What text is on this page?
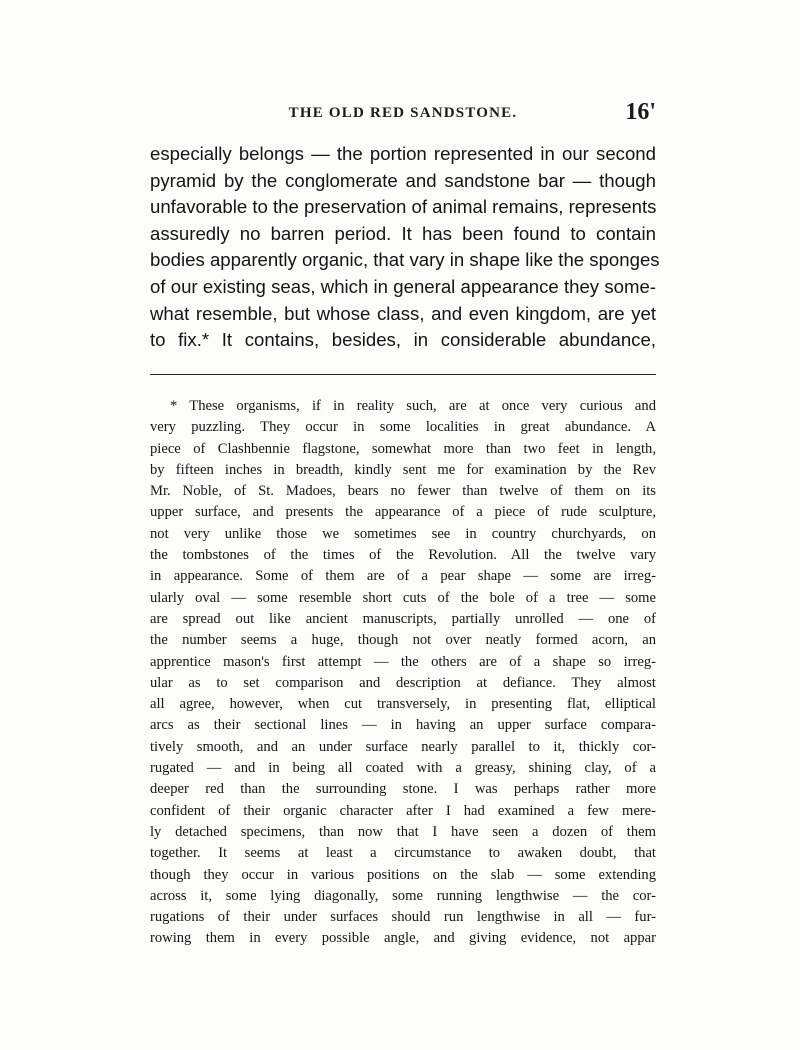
THE OLD RED SANDSTONE.	16'
especially belongs — the portion represented in our second
pyramid by the conglomerate and sandstone bar — though
unfavorable to the preservation of animal remains, represents
assuredly no barren period. It has been found to contain
bodies apparently organic, that vary in shape like the sponges
of our existing seas, which in general appearance they some-
what resemble, but whose class, and even kingdom, are yet
to fix.* It contains, besides, in considerable abundance,
* These organisms, if in reality such, are at once very curious and
very puzzling. They occur in some localities in great abundance. A
piece of Clashbennie flagstone, somewhat more than two feet in length,
by fifteen inches in breadth, kindly sent me for examination by the Rev
Mr. Noble, of St. Madoes, bears no fewer than twelve of them on its
upper surface, and presents the appearance of a piece of rude sculpture,
not very unlike those we sometimes see in country churchyards, on
the tombstones of the times of the Revolution. All the twelve vary
in appearance. Some of them are of a pear shape — some are irreg-
ularly oval — some resemble short cuts of the bole of a tree — some
are spread out like ancient manuscripts, partially unrolled — one of
the number seems a huge, though not over neatly formed acorn, an
apprentice mason's first attempt — the others are of a shape so irreg-
ular as to set comparison and description at defiance. They almost
all agree, however, when cut transversely, in presenting flat, elliptical
arcs as their sectional lines — in having an upper surface compara-
tively smooth, and an under surface nearly parallel to it, thickly cor-
rugated — and in being all coated with a greasy, shining clay, of a
deeper red than the surrounding stone. I was perhaps rather more
confident of their organic character after I had examined a few mere-
ly detached specimens, than now that I have seen a dozen of them
together. It seems at least a circumstance to awaken doubt, that
though they occur in various positions on the slab — some extending
across it, some lying diagonally, some running lengthwise — the cor-
rugations of their under surfaces should run lengthwise in all — fur-
rowing them in every possible angle, and giving evidence, not appar
